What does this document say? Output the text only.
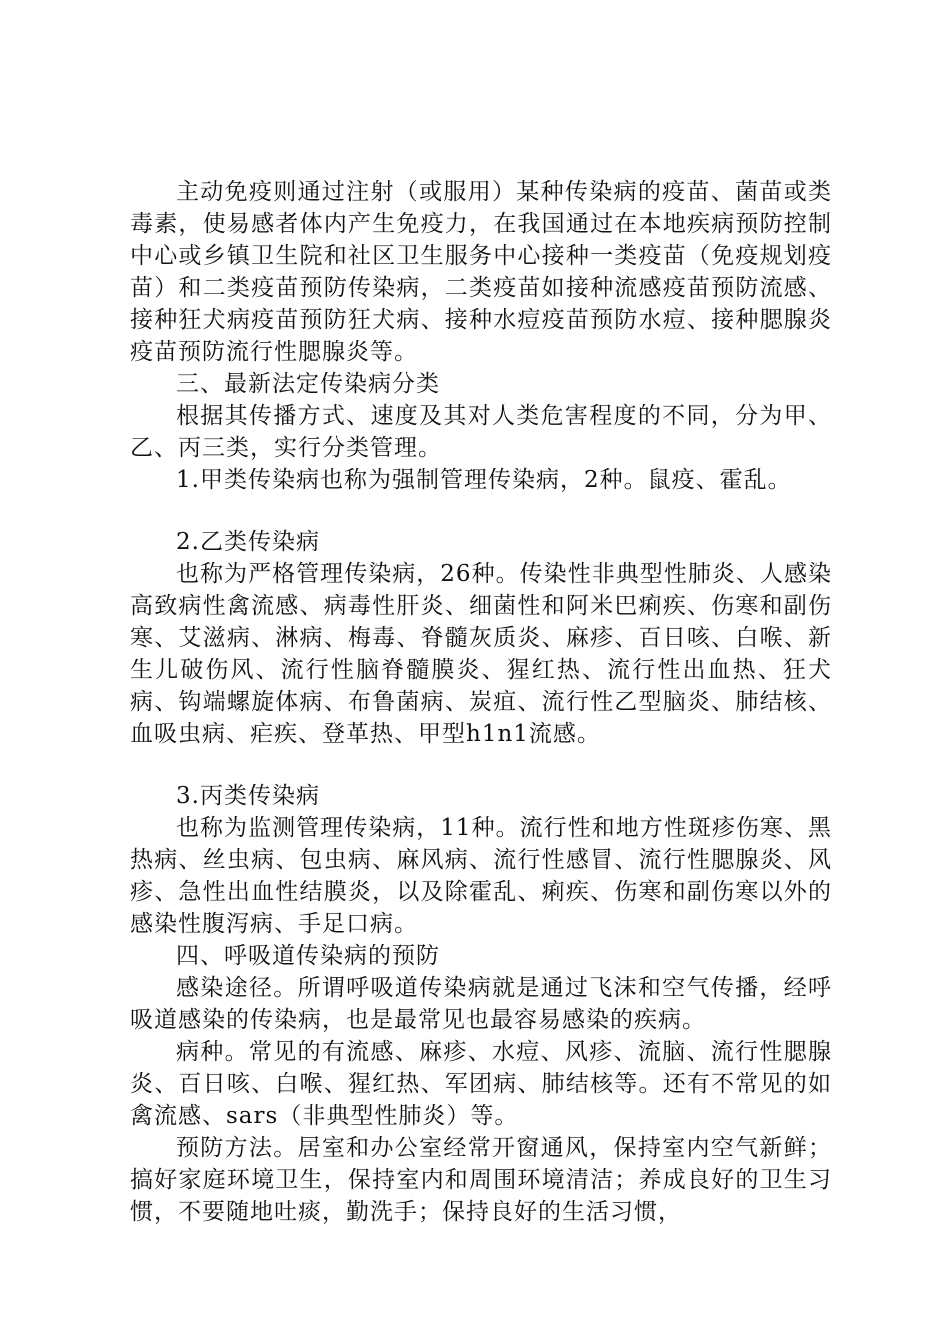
主动免疫则通过注射（或服用）某种传染病的疫苗、菌苗或类毒素，使易感者体内产生免疫力，在我国通过在本地疾病预防控制中心或乡镇卫生院和社区卫生服务中心接种一类疫苗（免疫规划疫苗）和二类疫苗预防传染病，二类疫苗如接种流感疫苗预防流感、接种狂犬病疫苗预防狂犬病、接种水痘疫苗预防水痘、接种腮腺炎疫苗预防流行性腮腺炎等。

三、最新法定传染病分类

根据其传播方式、速度及其对人类危害程度的不同，分为甲、乙、丙三类，实行分类管理。

1.甲类传染病也称为强制管理传染病，2种。鼠疫、霍乱。

2.乙类传染病

也称为严格管理传染病，26种。传染性非典型性肺炎、人感染高致病性禽流感、病毒性肝炎、细菌性和阿米巴痢疾、伤寒和副伤寒、艾滋病、淋病、梅毒、脊髓灰质炎、麻疹、百日咳、白喉、新生儿破伤风、流行性脑脊髓膜炎、猩红热、流行性出血热、狂犬病、钩端螺旋体病、布鲁菌病、炭疽、流行性乙型脑炎、肺结核、血吸虫病、疟疾、登革热、甲型h1n1流感。

3.丙类传染病

也称为监测管理传染病，11种。流行性和地方性斑疹伤寒、黑热病、丝虫病、包虫病、麻风病、流行性感冒、流行性腮腺炎、风疹、急性出血性结膜炎，以及除霍乱、痢疾、伤寒和副伤寒以外的感染性腹泻病、手足口病。

四、呼吸道传染病的预防

感染途径。所谓呼吸道传染病就是通过飞沫和空气传播，经呼吸道感染的传染病，也是最常见也最容易感染的疾病。

病种。常见的有流感、麻疹、水痘、风疹、流脑、流行性腮腺炎、百日咳、白喉、猩红热、军团病、肺结核等。还有不常见的如禽流感、sars（非典型性肺炎）等。

预防方法。居室和办公室经常开窗通风，保持室内空气新鲜；搞好家庭环境卫生，保持室内和周围环境清洁；养成良好的卫生习惯，不要随地吐痰，勤洗手；保持良好的生活习惯，
